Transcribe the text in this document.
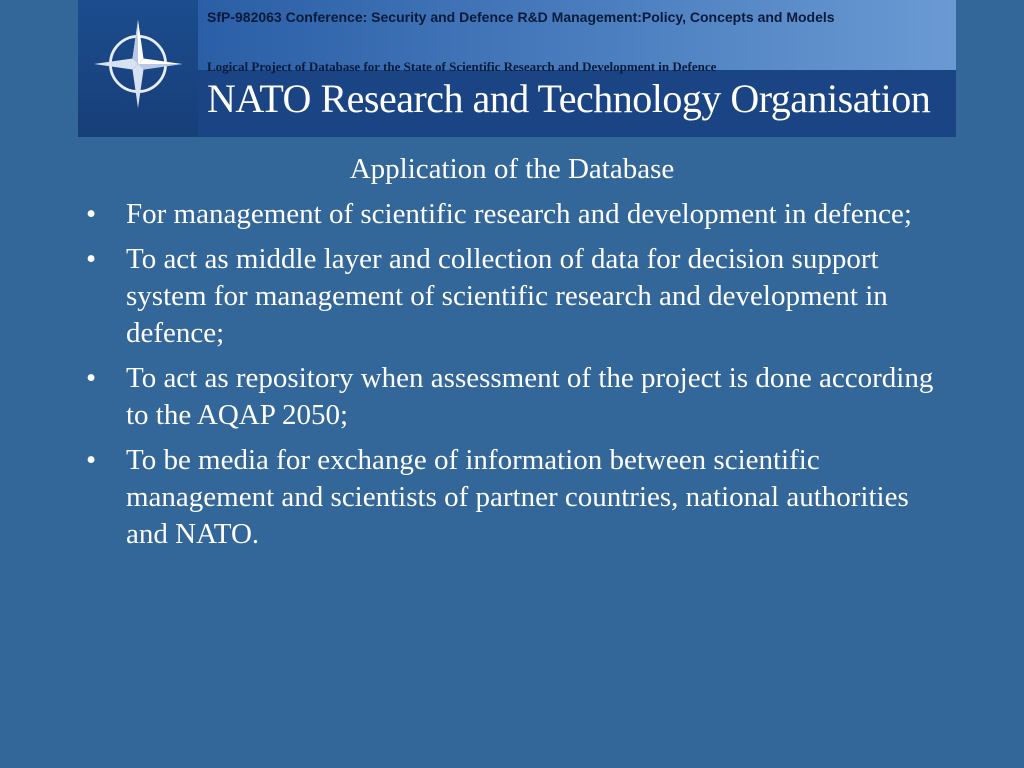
SfP-982063 Conference: Security and Defence R&D Management:Policy, Concepts and Models
Logical Project of Database for the State of Scientific Research and Development in Defence
NATO Research and Technology Organisation
Application of the Database
• For management of scientific research and development in defence;
• To act as middle layer and collection of data for decision support system for management of scientific research and development in defence;
• To act as repository when assessment of the project is done according to the AQAP 2050;
• To be media for exchange of information between scientific management and scientists of partner countries, national authorities and NATO.
